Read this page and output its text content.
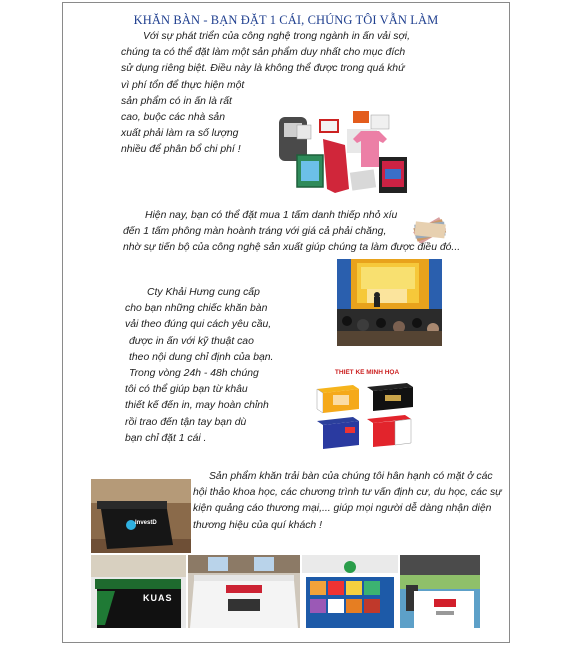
KHĂN BÀN - BẠN ĐẶT 1 CÁI, CHÚNG TÔI VẪN LÀM
Với sự phát triển của công nghệ trong ngành in ấn vải sợi,
chúng ta có thể đặt làm một sản phẩm duy nhất cho mục đích
sử dụng riêng biệt. Điều này là không thể được trong quá khứ
vì phí tổn để thực hiện một
sản phẩm có in ấn là rất
cao, buộc các nhà sản
xuất phải làm ra số lượng
nhiều để phân bổ chi phí !
Hiện nay, bạn có thể đặt mua 1 tấm danh thiếp nhỏ xíu
đến 1 tấm phông màn hoành tráng với giá cả phải chăng,
nhờ sự tiến bộ của công nghệ sản xuất giúp chúng ta làm được điều đó...
Cty Khải Hưng cung cấp
cho bạn những chiếc khăn bàn
vải theo đúng qui cách yêu cầu,
được in ấn với kỹ thuật cao
theo nội dung chỉ định của bạn.
Trong vòng 24h - 48h chúng
tôi có thể giúp bạn từ khâu
thiết kế đến in, may hoàn chỉnh
rồi trao đến tận tay bạn dù
bạn chỉ đặt 1 cái .
THIẾT KẾ MINH HỌA
Sản phẩm khăn trải bàn của chúng tôi hân hạnh có mặt ở các
hội thảo khoa học, các chương trình tư vấn định cư, du học, các sự
kiện quảng cáo thương mại,... giúp mọi người dễ dàng nhận diện
thương hiệu của quí khách !
InvestD
KUAS
